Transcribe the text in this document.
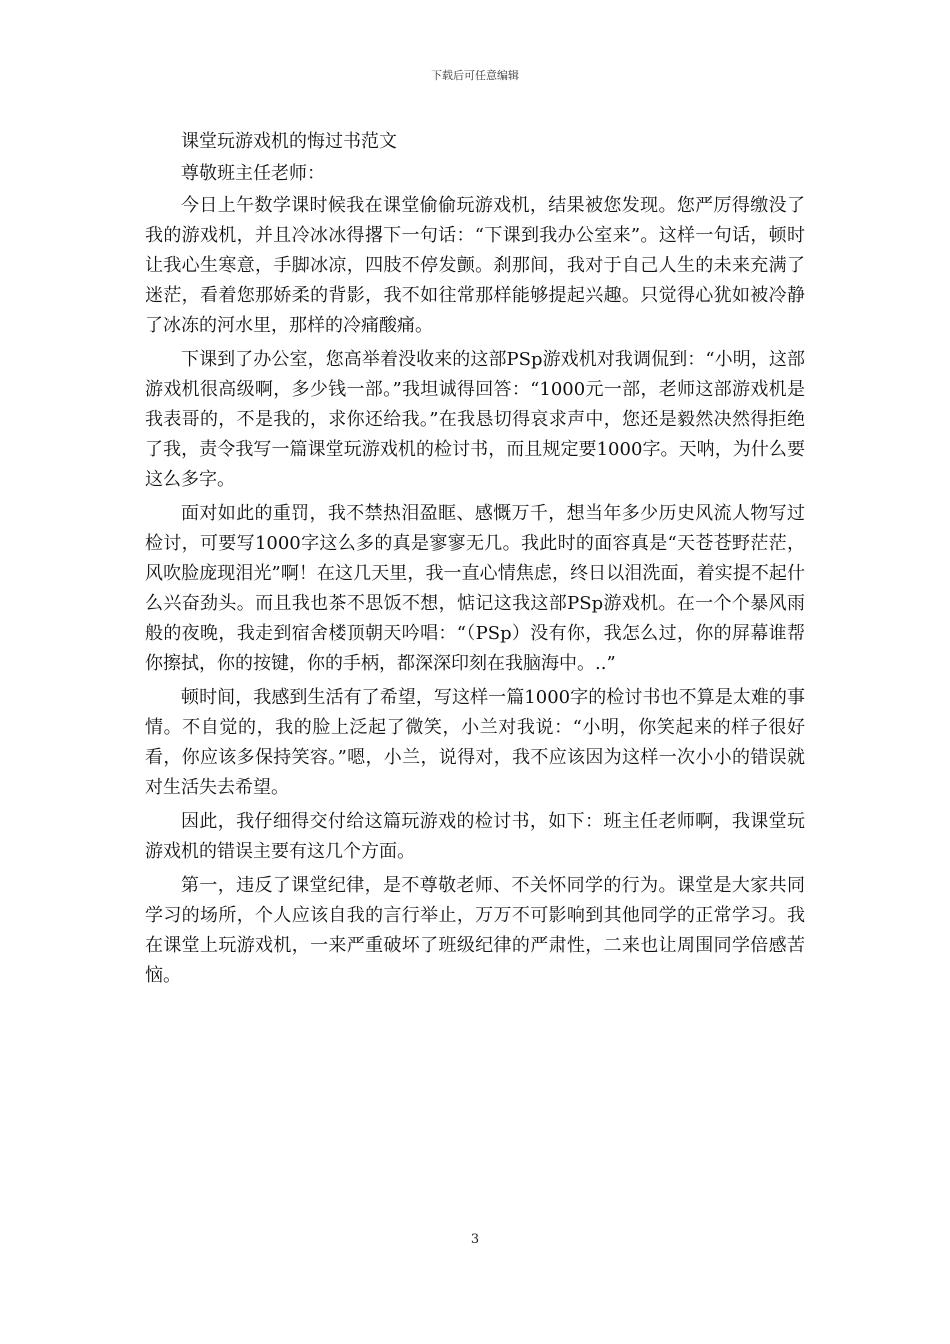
下载后可任意编辑

课堂玩游戏机的悔过书范文

尊敬班主任老师：

今日上午数学课时候我在课堂偷偷玩游戏机，结果被您发现。您严厉得缴没了我的游戏机，并且冷冰冰得撂下一句话：“下课到我办公室来”。这样一句话，顿时让我心生寒意，手脚冰凉，四肢不停发颤。刹那间，我对于自己人生的未来充满了迷茫，看着您那娇柔的背影，我不如往常那样能够提起兴趣。只觉得心犹如被冷静了冰冻的河水里，那样的冷痛酸痛。

下课到了办公室，您高举着没收来的这部PSp游戏机对我调侃到：“小明，这部游戏机很高级啊，多少钱一部。”我坦诚得回答：“1000元一部，老师这部游戏机是我表哥的，不是我的，求你还给我。”在我恳切得哀求声中，您还是毅然决然得拒绝了我，责令我写一篇课堂玩游戏机的检讨书，而且规定要1000字。天呐，为什么要这么多字。

面对如此的重罚，我不禁热泪盈眶、感慨万千，想当年多少历史风流人物写过检讨，可要写1000字这么多的真是寥寥无几。我此时的面容真是“天苍苍野茫茫，风吹脸庞现泪光”啊！在这几天里，我一直心情焦虑，终日以泪洗面，着实提不起什么兴奋劲头。而且我也茶不思饭不想，惦记这我这部PSp游戏机。在一个个暴风雨般的夜晚，我走到宿舍楼顶朝天吟唱：“（PSp）没有你，我怎么过，你的屏幕谁帮你擦拭，你的按键，你的手柄，都深深印刻在我脑海中。..”

顿时间，我感到生活有了希望，写这样一篇1000字的检讨书也不算是太难的事情。不自觉的，我的脸上泛起了微笑，小兰对我说：“小明，你笑起来的样子很好看，你应该多保持笑容。”嗯，小兰，说得对，我不应该因为这样一次小小的错误就对生活失去希望。

因此，我仔细得交付给这篇玩游戏的检讨书，如下：班主任老师啊，我课堂玩游戏机的错误主要有这几个方面。

第一，违反了课堂纪律，是不尊敬老师、不关怀同学的行为。课堂是大家共同学习的场所，个人应该自我的言行举止，万万不可影响到其他同学的正常学习。我在课堂上玩游戏机，一来严重破坏了班级纪律的严肃性，二来也让周围同学倍感苦恼。

3
